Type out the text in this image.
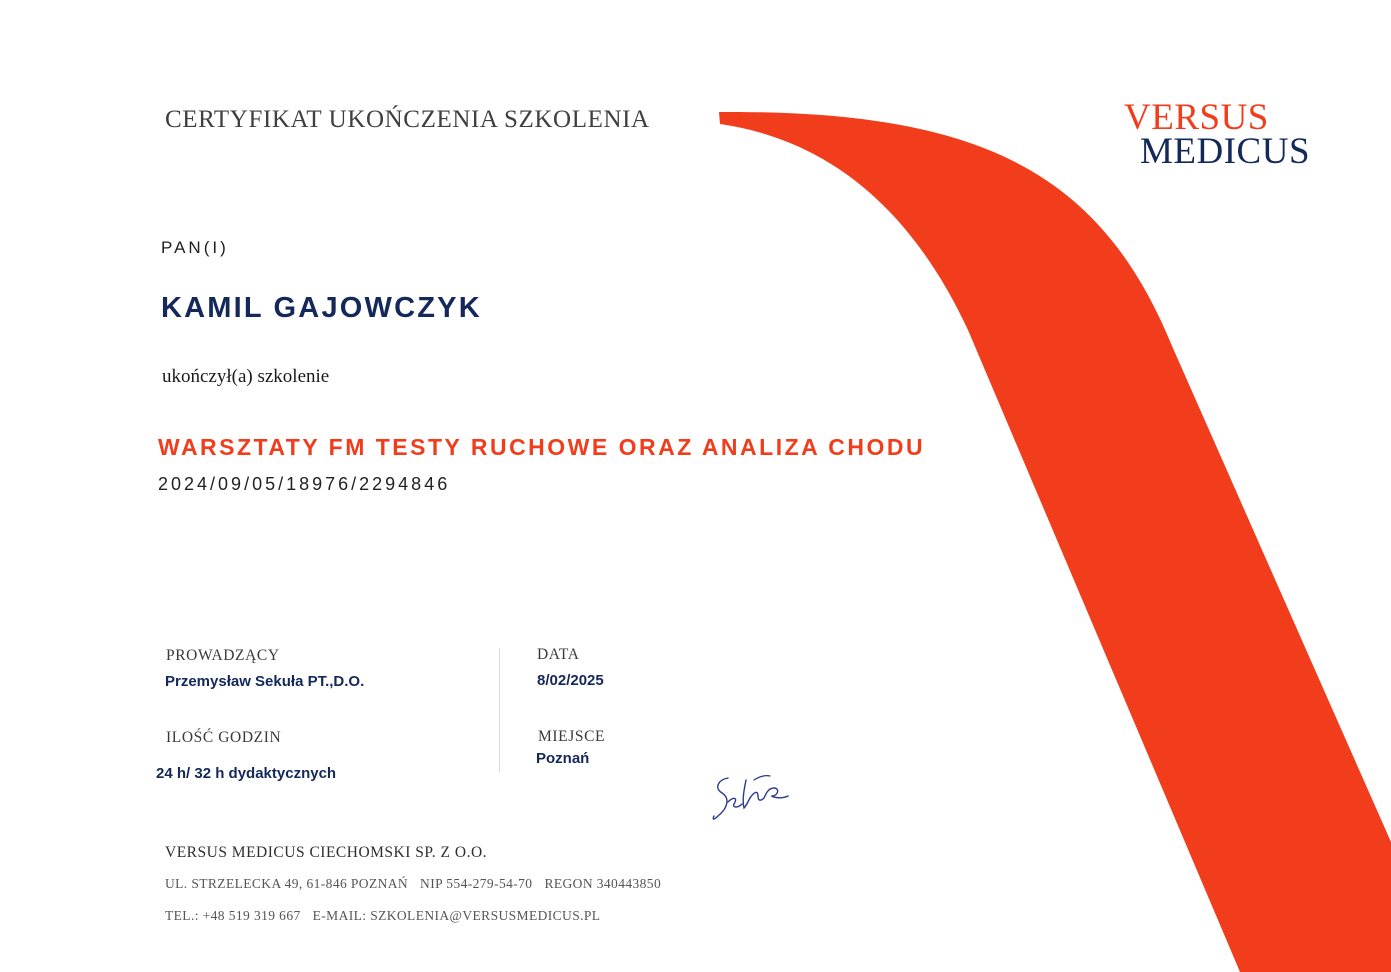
CERTYFIKAT UKOŃCZENIA SZKOLENIA	VERSUS
MEDICUS
PAN(I)
KAMIL GAJOWCZYK
ukończył(a) szkolenie
WARSZTATY FM TESTY RUCHOWE ORAZ ANALIZA CHODU
2024/09/05/18976/2294846
PROWADZĄCY
Przemysław Sekuła PT.,D.O.
ILOŚĆ GODZIN
24 h/ 32 h dydaktycznych
DATA
8/02/2025
MIEJSCE
Poznań
VERSUS MEDICUS CIECHOMSKI SP. Z O.O.
UL. STRZELECKA 49, 61-846 POZNAŃ NIP 554-279-54-70 REGON 340443850
TEL.: +48 519 319 667 E-MAIL: SZKOLENIA@VERSUSMEDICUS.PL
